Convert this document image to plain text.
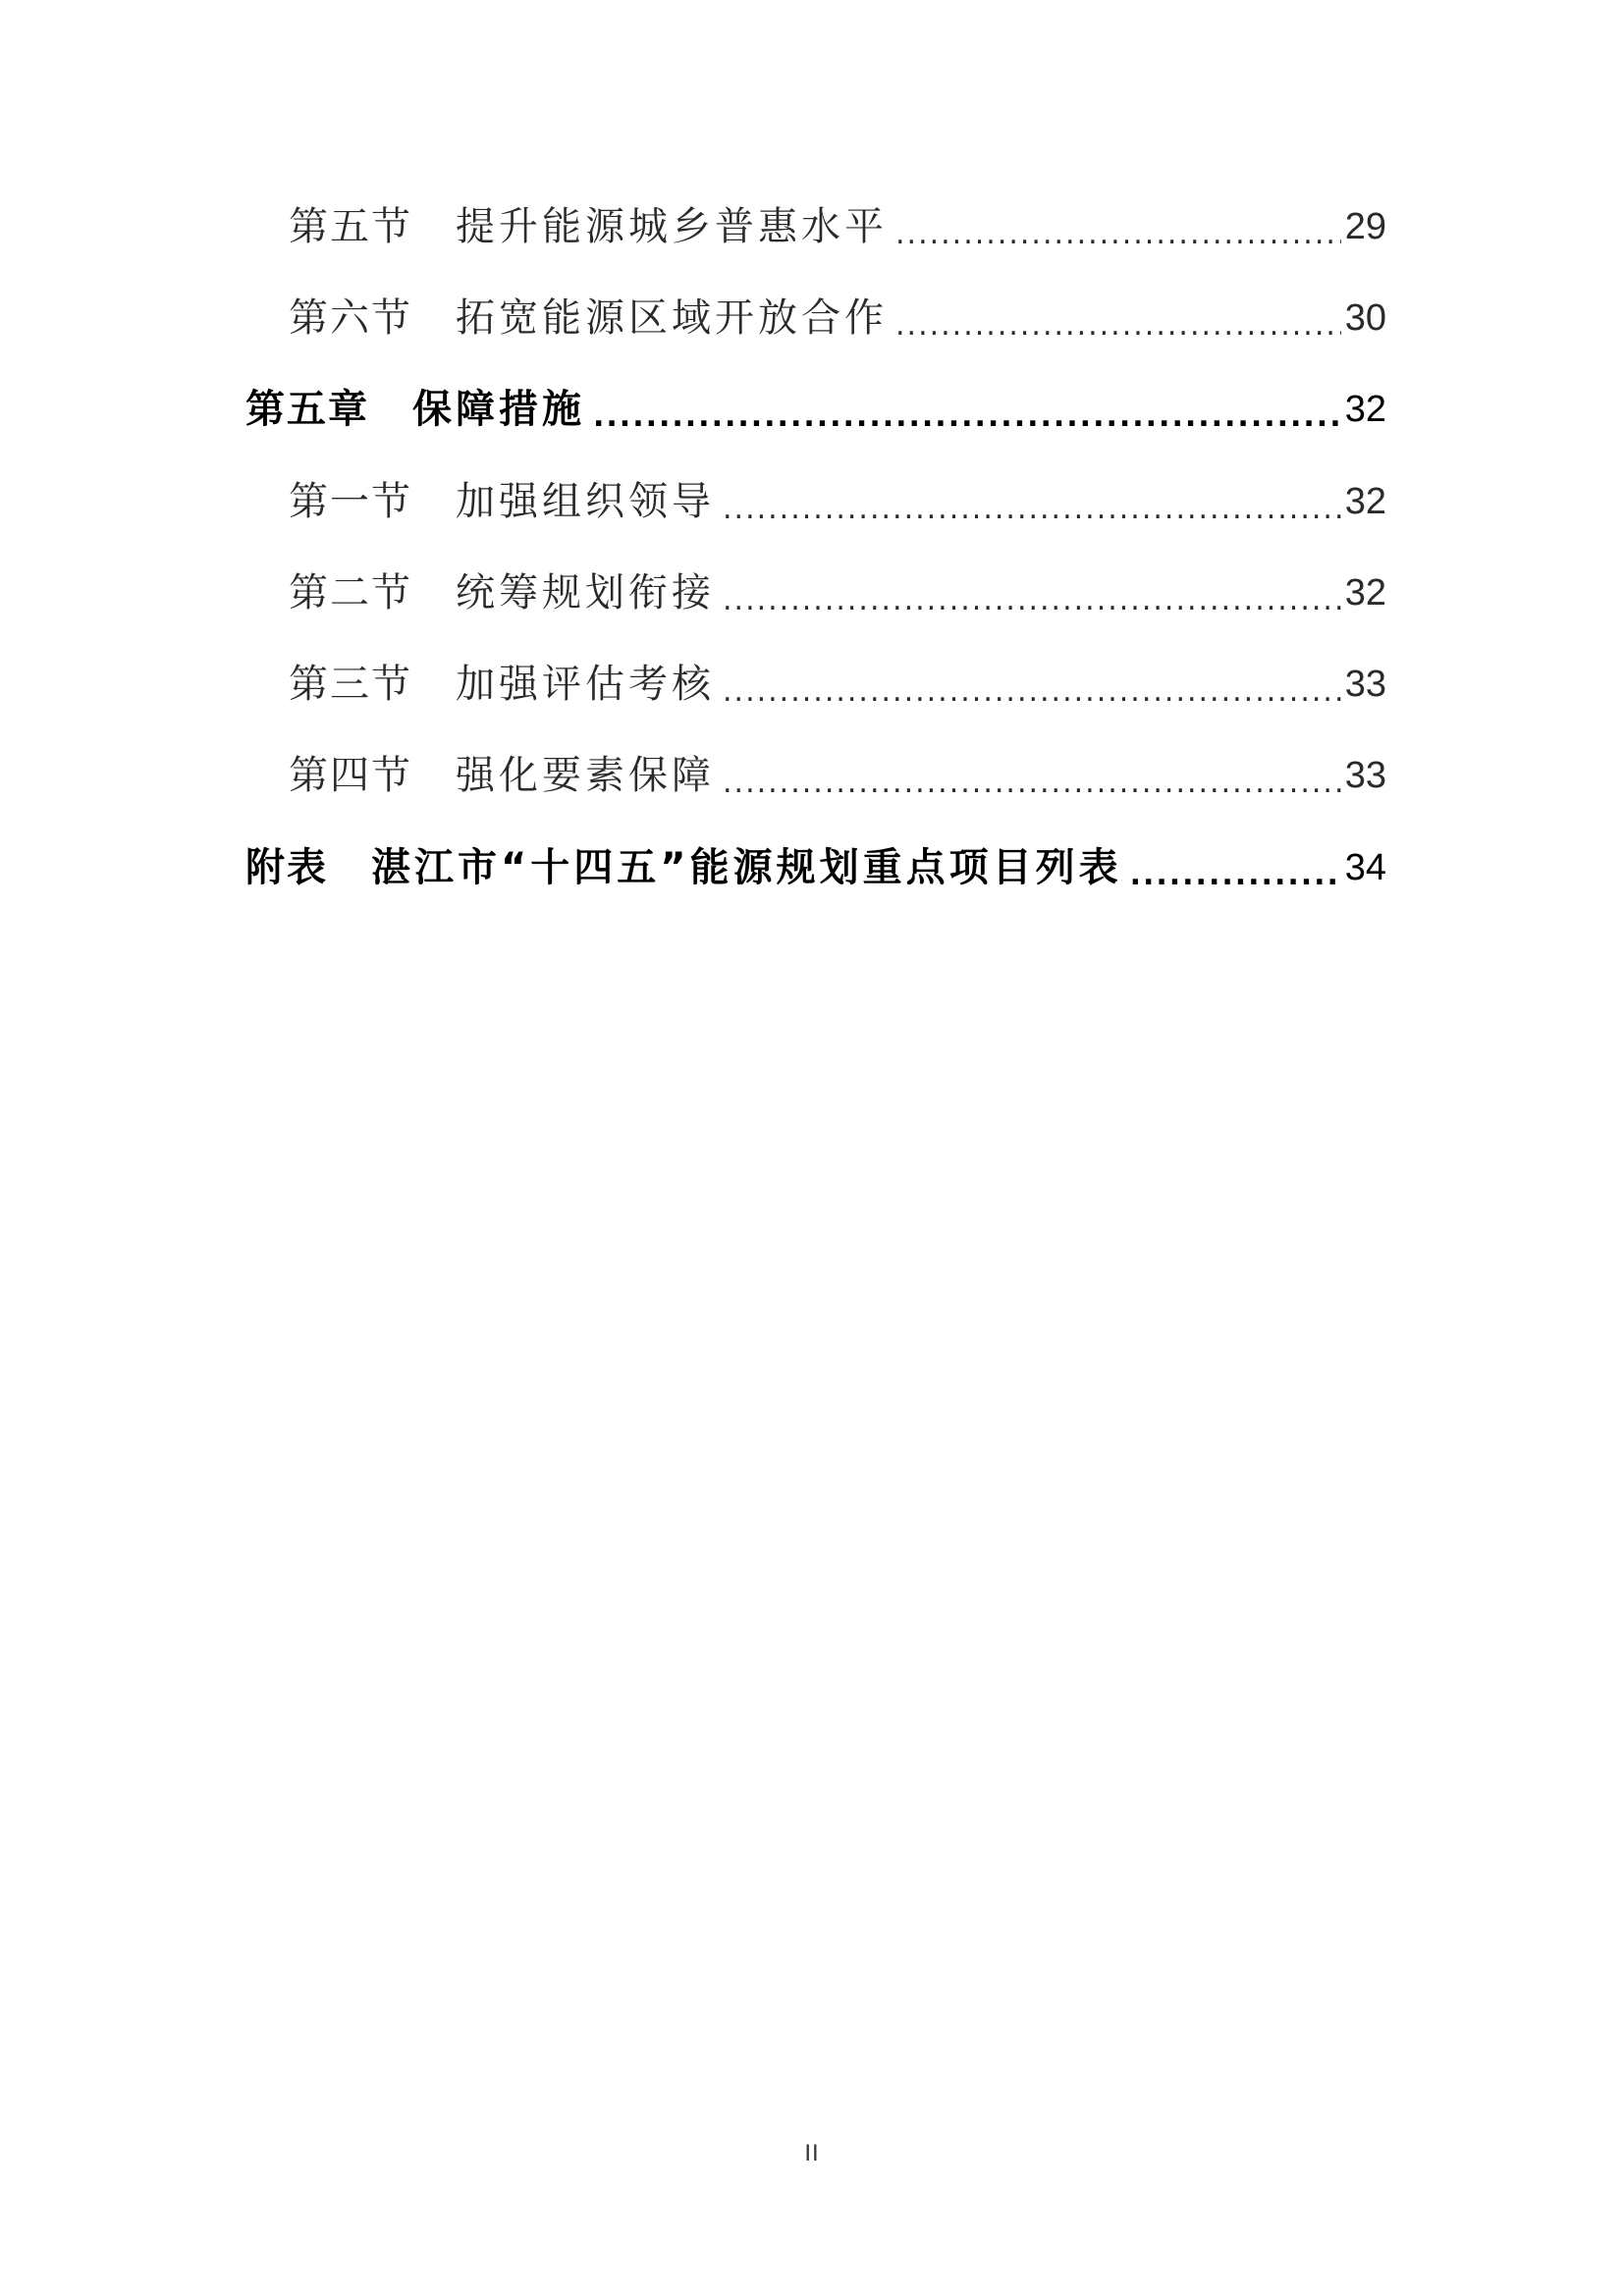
第五节	提升能源城乡普惠水平 .....	29
第六节	拓宽能源区域开放合作 .....	30
第五章	保障措施 .....	32
第一节	加强组织领导 .....	32
第二节	统筹规划衔接 .....	32
第三节	加强评估考核 .....	33
第四节	强化要素保障 .....	33
附表	湛江市“十四五”能源规划重点项目列表 .....	34
II
